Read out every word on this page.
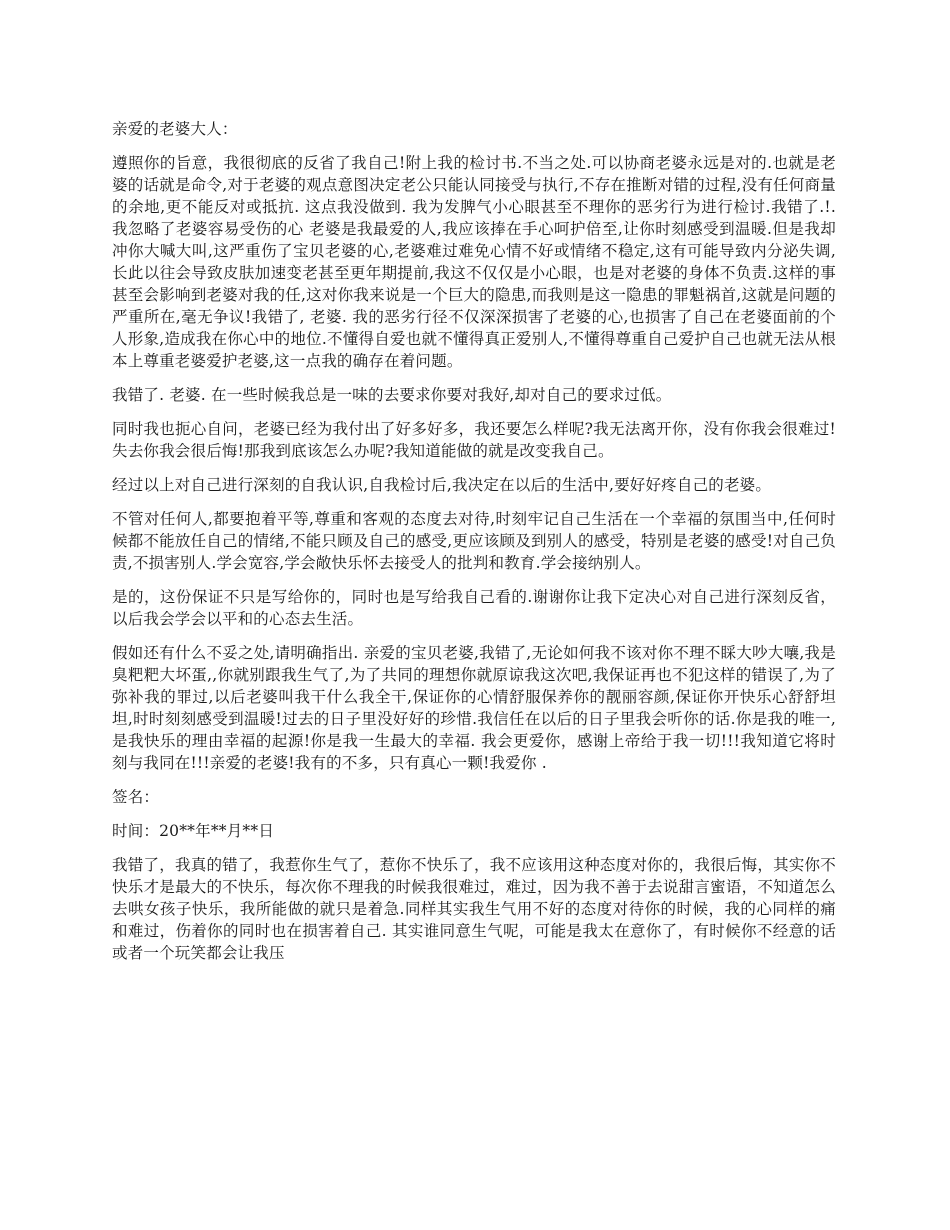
亲爱的老婆大人：

遵照你的旨意，我很彻底的反省了我自己!附上我的检讨书.不当之处.可以协商老婆永远是对的.也就是老婆的话就是命令,对于老婆的观点意图决定老公只能认同接受与执行,不存在推断对错的过程,没有任何商量的余地,更不能反对或抵抗. 这点我没做到. 我为发脾气小心眼甚至不理你的恶劣行为进行检讨.我错了.!. 我忽略了老婆容易受伤的心 老婆是我最爱的人,我应该捧在手心呵护倍至,让你时刻感受到温暖.但是我却冲你大喊大叫,这严重伤了宝贝老婆的心,老婆难过难免心情不好或情绪不稳定,这有可能导致内分泌失调,长此以往会导致皮肤加速变老甚至更年期提前,我这不仅仅是小心眼，也是对老婆的身体不负责.这样的事甚至会影响到老婆对我的任,这对你我来说是一个巨大的隐患,而我则是这一隐患的罪魁祸首,这就是问题的严重所在,毫无争议!我错了, 老婆. 我的恶劣行径不仅深深损害了老婆的心,也损害了自己在老婆面前的个人形象,造成我在你心中的地位.不懂得自爱也就不懂得真正爱别人,不懂得尊重自己爱护自己也就无法从根本上尊重老婆爱护老婆,这一点我的确存在着问题。

我错了. 老婆. 在一些时候我总是一味的去要求你要对我好,却对自己的要求过低。

同时我也扼心自问，老婆已经为我付出了好多好多，我还要怎么样呢?我无法离开你，没有你我会很难过!失去你我会很后悔!那我到底该怎么办呢?我知道能做的就是改变我自己。

经过以上对自己进行深刻的自我认识,自我检讨后,我决定在以后的生活中,要好好疼自己的老婆。

不管对任何人,都要抱着平等,尊重和客观的态度去对待,时刻牢记自己生活在一个幸福的氛围当中,任何时候都不能放任自己的情绪,不能只顾及自己的感受,更应该顾及到别人的感受，特别是老婆的感受!对自己负责,不损害别人.学会宽容,学会敞快乐怀去接受人的批判和教育.学会接纳别人。

是的，这份保证不只是写给你的，同时也是写给我自己看的.谢谢你让我下定决心对自己进行深刻反省，以后我会学会以平和的心态去生活。

假如还有什么不妥之处,请明确指出. 亲爱的宝贝老婆,我错了,无论如何我不该对你不理不睬大吵大嚷,我是臭粑粑大坏蛋,,你就别跟我生气了,为了共同的理想你就原谅我这次吧,我保证再也不犯这样的错误了,为了弥补我的罪过,以后老婆叫我干什么我全干,保证你的心情舒服保养你的靓丽容颜,保证你开快乐心舒舒坦坦,时时刻刻感受到温暖!过去的日子里没好好的珍惜.我信任在以后的日子里我会听你的话.你是我的唯一,是我快乐的理由幸福的起源!你是我一生最大的幸福. 我会更爱你，感谢上帝给于我一切!!!我知道它将时刻与我同在!!!亲爱的老婆!我有的不多，只有真心一颗!我爱你 .

签名：

时间：20**年**月**日

我错了，我真的错了，我惹你生气了，惹你不快乐了，我不应该用这种态度对你的，我很后悔，其实你不快乐才是最大的不快乐，每次你不理我的时候我很难过，难过，因为我不善于去说甜言蜜语，不知道怎么去哄女孩子快乐，我所能做的就只是着急.同样其实我生气用不好的态度对待你的时候，我的心同样的痛和难过，伤着你的同时也在损害着自己. 其实谁同意生气呢，可能是我太在意你了，有时候你不经意的话或者一个玩笑都会让我压
